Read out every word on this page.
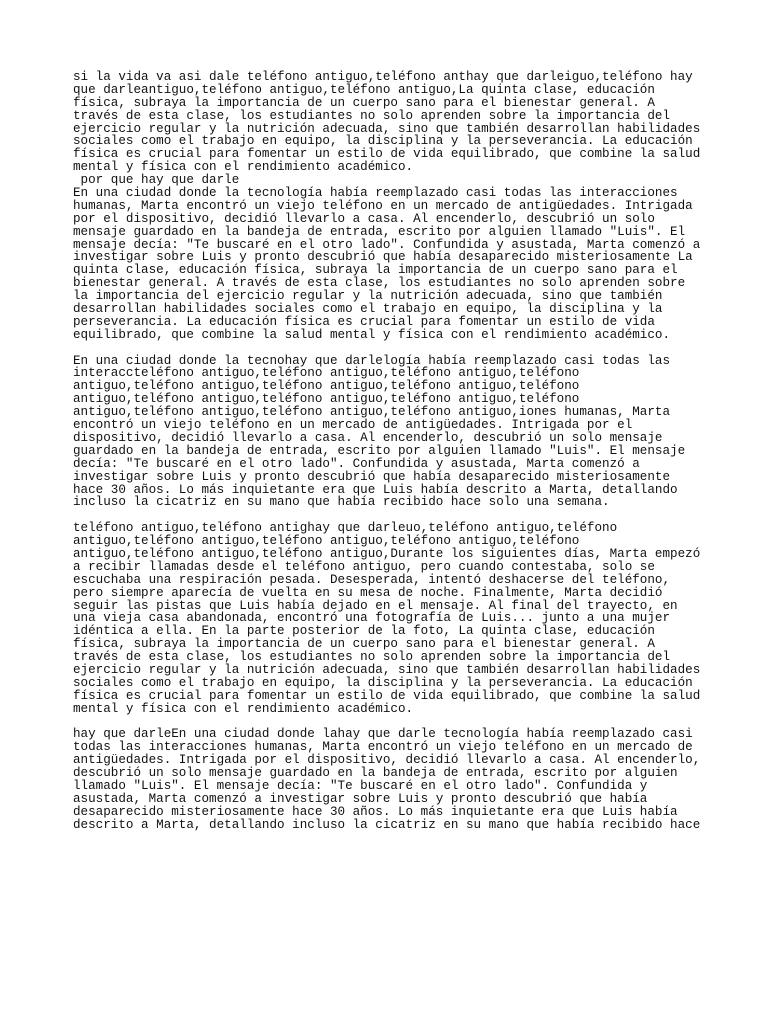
si la vida va asi dale teléfono antiguo,teléfono anthay que darleiguo,teléfono hay
que darleantiguo,teléfono antiguo,teléfono antiguo,La quinta clase, educación
física, subraya la importancia de un cuerpo sano para el bienestar general. A
través de esta clase, los estudiantes no solo aprenden sobre la importancia del
ejercicio regular y la nutrición adecuada, sino que también desarrollan habilidades
sociales como el trabajo en equipo, la disciplina y la perseverancia. La educación
física es crucial para fomentar un estilo de vida equilibrado, que combine la salud
mental y física con el rendimiento académico.
por que hay que darle
En una ciudad donde la tecnología había reemplazado casi todas las interacciones
humanas, Marta encontró un viejo teléfono en un mercado de antigüedades. Intrigada
por el dispositivo, decidió llevarlo a casa. Al encenderlo, descubrió un solo
mensaje guardado en la bandeja de entrada, escrito por alguien llamado "Luis". El
mensaje decía: "Te buscaré en el otro lado". Confundida y asustada, Marta comenzó a
investigar sobre Luis y pronto descubrió que había desaparecido misteriosamente La
quinta clase, educación física, subraya la importancia de un cuerpo sano para el
bienestar general. A través de esta clase, los estudiantes no solo aprenden sobre
la importancia del ejercicio regular y la nutrición adecuada, sino que también
desarrollan habilidades sociales como el trabajo en equipo, la disciplina y la
perseverancia. La educación física es crucial para fomentar un estilo de vida
equilibrado, que combine la salud mental y física con el rendimiento académico.
En una ciudad donde la tecnohay que darlelogía había reemplazado casi todas las
interaccteléfono antiguo,teléfono antiguo,teléfono antiguo,teléfono
antiguo,teléfono antiguo,teléfono antiguo,teléfono antiguo,teléfono
antiguo,teléfono antiguo,teléfono antiguo,teléfono antiguo,teléfono
antiguo,teléfono antiguo,teléfono antiguo,teléfono antiguo,iones humanas, Marta
encontró un viejo teléfono en un mercado de antigüedades. Intrigada por el
dispositivo, decidió llevarlo a casa. Al encenderlo, descubrió un solo mensaje
guardado en la bandeja de entrada, escrito por alguien llamado "Luis". El mensaje
decía: "Te buscaré en el otro lado". Confundida y asustada, Marta comenzó a
investigar sobre Luis y pronto descubrió que había desaparecido misteriosamente
hace 30 años. Lo más inquietante era que Luis había descrito a Marta, detallando
incluso la cicatriz en su mano que había recibido hace solo una semana.
teléfono antiguo,teléfono antighay que darleuo,teléfono antiguo,teléfono
antiguo,teléfono antiguo,teléfono antiguo,teléfono antiguo,teléfono
antiguo,teléfono antiguo,teléfono antiguo,Durante los siguientes días, Marta empezó
a recibir llamadas desde el teléfono antiguo, pero cuando contestaba, solo se
escuchaba una respiración pesada. Desesperada, intentó deshacerse del teléfono,
pero siempre aparecía de vuelta en su mesa de noche. Finalmente, Marta decidió
seguir las pistas que Luis había dejado en el mensaje. Al final del trayecto, en
una vieja casa abandonada, encontró una fotografía de Luis... junto a una mujer
idéntica a ella. En la parte posterior de la foto, La quinta clase, educación
física, subraya la importancia de un cuerpo sano para el bienestar general. A
través de esta clase, los estudiantes no solo aprenden sobre la importancia del
ejercicio regular y la nutrición adecuada, sino que también desarrollan habilidades
sociales como el trabajo en equipo, la disciplina y la perseverancia. La educación
física es crucial para fomentar un estilo de vida equilibrado, que combine la salud
mental y física con el rendimiento académico.
hay que darleEn una ciudad donde lahay que darle tecnología había reemplazado casi
todas las interacciones humanas, Marta encontró un viejo teléfono en un mercado de
antigüedades. Intrigada por el dispositivo, decidió llevarlo a casa. Al encenderlo,
descubrió un solo mensaje guardado en la bandeja de entrada, escrito por alguien
llamado "Luis". El mensaje decía: "Te buscaré en el otro lado". Confundida y
asustada, Marta comenzó a investigar sobre Luis y pronto descubrió que había
desaparecido misteriosamente hace 30 años. Lo más inquietante era que Luis había
descrito a Marta, detallando incluso la cicatriz en su mano que había recibido hace
